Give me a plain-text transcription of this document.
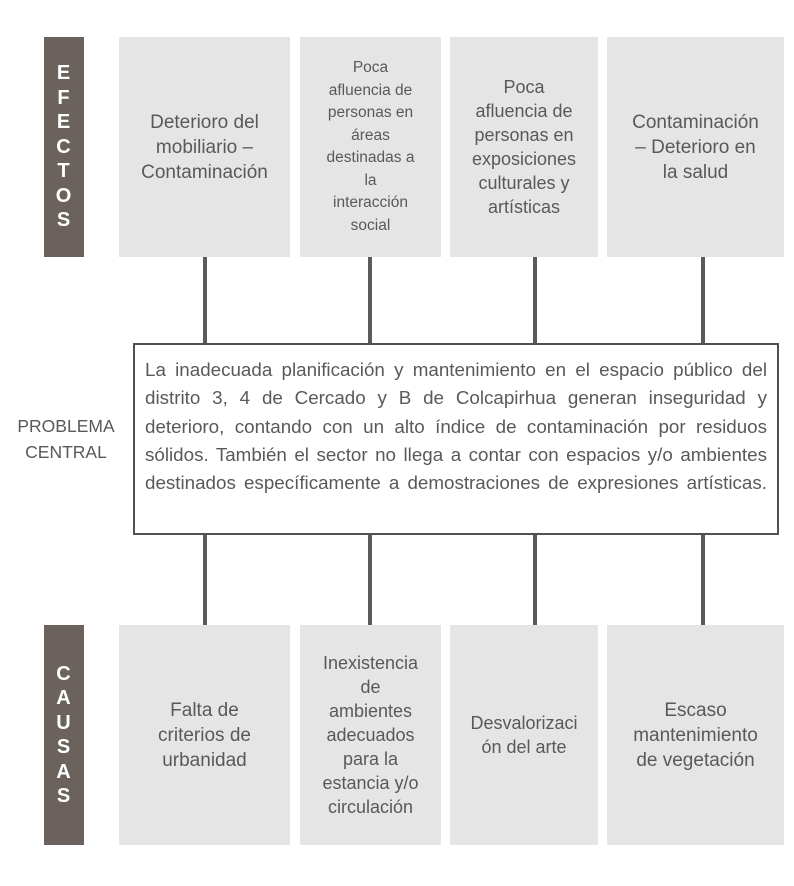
E
F
E
C
T
O
S
Deterioro del
mobiliario –
Contaminación
Poca
afluencia de
personas en
áreas
destinadas a
la
interacción
social
Poca
afluencia de
personas en
exposiciones
culturales y
artísticas
Contaminación
– Deterioro en
la salud
PROBLEMA
CENTRAL
La inadecuada planificación y mantenimiento en el espacio público del distrito 3, 4 de Cercado y B de Colcapirhua generan inseguridad y deterioro, contando con un alto índice de contaminación por residuos sólidos. También el sector no llega a contar con espacios y/o ambientes destinados específicamente a demostraciones de expresiones artísticas.
C
A
U
S
A
S
Falta de
criterios de
urbanidad
Inexistencia
de
ambientes
adecuados
para la
estancia y/o
circulación
Desvalorizaci
ón del arte
Escaso
mantenimiento
de vegetación
